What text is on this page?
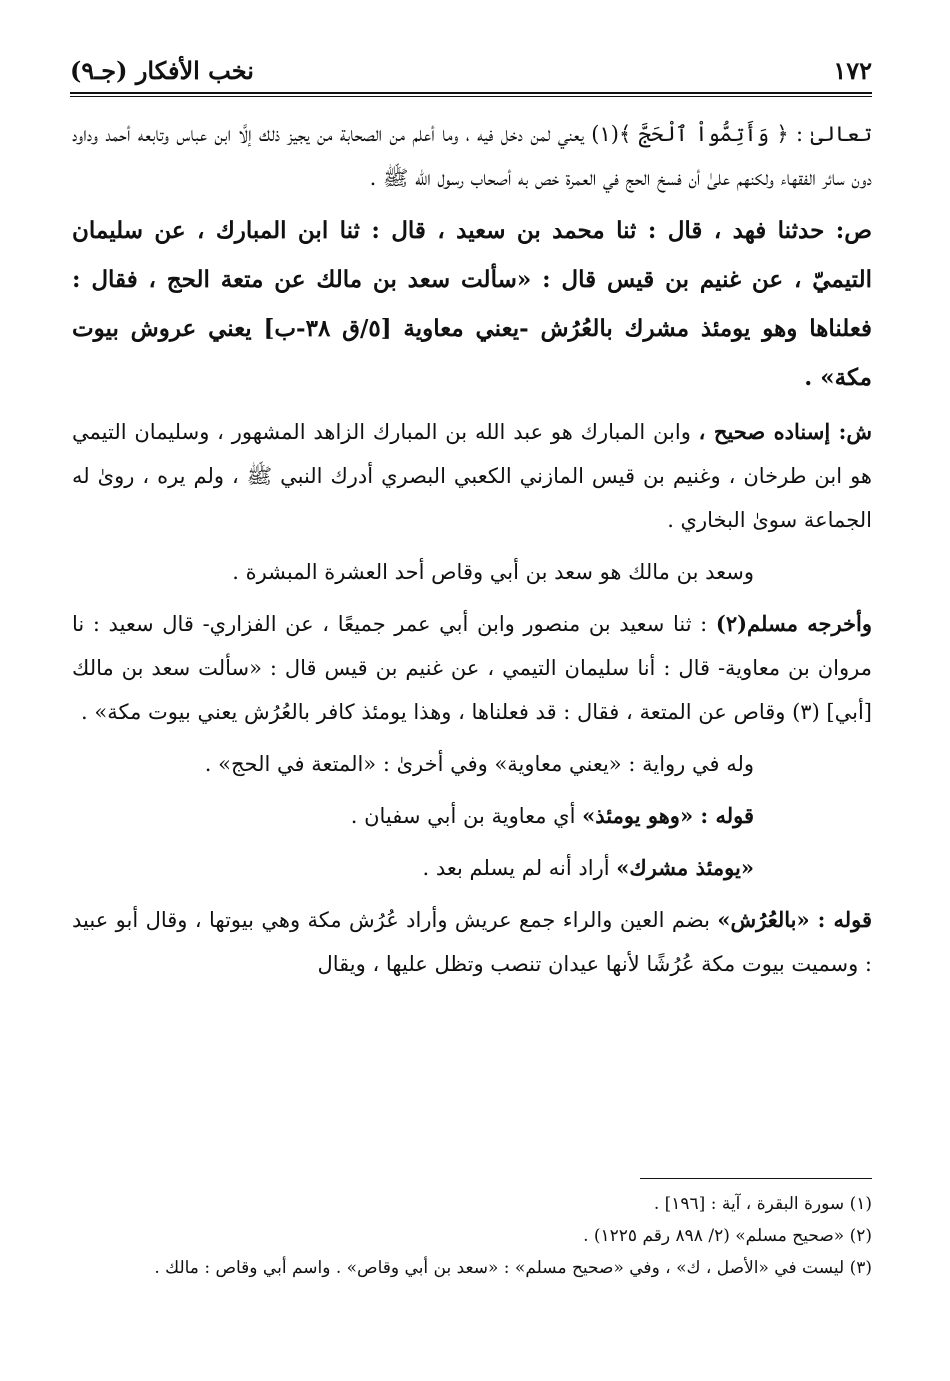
١٧٢
نخب الأفكار (جـ٩)

تعالىٰ : ﴿ وَأَتِمُّواْ ٱلْحَجَّ ﴾(١) يعني لمن دخل فيه ، وما أعلم من الصحابة من يجيز ذلك إلَّا ابن عباس وتابعه أحمد وداود دون سائر الفقهاء ولكنهم علىٰ أن فسخ الحج في العمرة خص به أصحاب رسول الله ﷺ .

ص: حدثنا فهد ، قال : ثنا محمد بن سعيد ، قال : ثنا ابن المبارك ، عن سليمان التيميّ ، عن غنيم بن قيس قال : «سألت سعد بن مالك عن متعة الحج ، فقال : فعلناها وهو يومئذ مشرك بالعُرُش -يعني معاوية [٥/ق ٣٨-ب] يعني عروش بيوت مكة» .

ش: إسناده صحيح ، وابن المبارك هو عبد الله بن المبارك الزاهد المشهور ، وسليمان التيمي هو ابن طرخان ، وغنيم بن قيس المازني الكعبي البصري أدرك النبي ﷺ ، ولم يره ، روىٰ له الجماعة سوىٰ البخاري .

وسعد بن مالك هو سعد بن أبي وقاص أحد العشرة المبشرة .

وأخرجه مسلم(٢) : ثنا سعيد بن منصور وابن أبي عمر جميعًا ، عن الفزاري- قال سعيد : نا مروان بن معاوية- قال : أنا سليمان التيمي ، عن غنيم بن قيس قال : «سألت سعد بن مالك [أبي] (٣) وقاص عن المتعة ، فقال : قد فعلناها ، وهذا يومئذ كافر بالعُرُش يعني بيوت مكة» .

وله في رواية : «يعني معاوية» وفي أخرىٰ : «المتعة في الحج» .

قوله : «وهو يومئذ» أي معاوية بن أبي سفيان .

«يومئذ مشرك» أراد أنه لم يسلم بعد .

قوله : «بالعُرُش» بضم العين والراء جمع عريش وأراد عُرُش مكة وهي بيوتها ، وقال أبو عبيد : وسميت بيوت مكة عُرُشًا لأنها عيدان تنصب وتظل عليها ، ويقال

(١) سورة البقرة ، آية : [١٩٦] .

(٢) «صحيح مسلم» (٢/ ٨٩٨ رقم ١٢٢٥) .

(٣) ليست في «الأصل ، ك» ، وفي «صحيح مسلم» : «سعد بن أبي وقاص» . واسم أبي وقاص : مالك .
